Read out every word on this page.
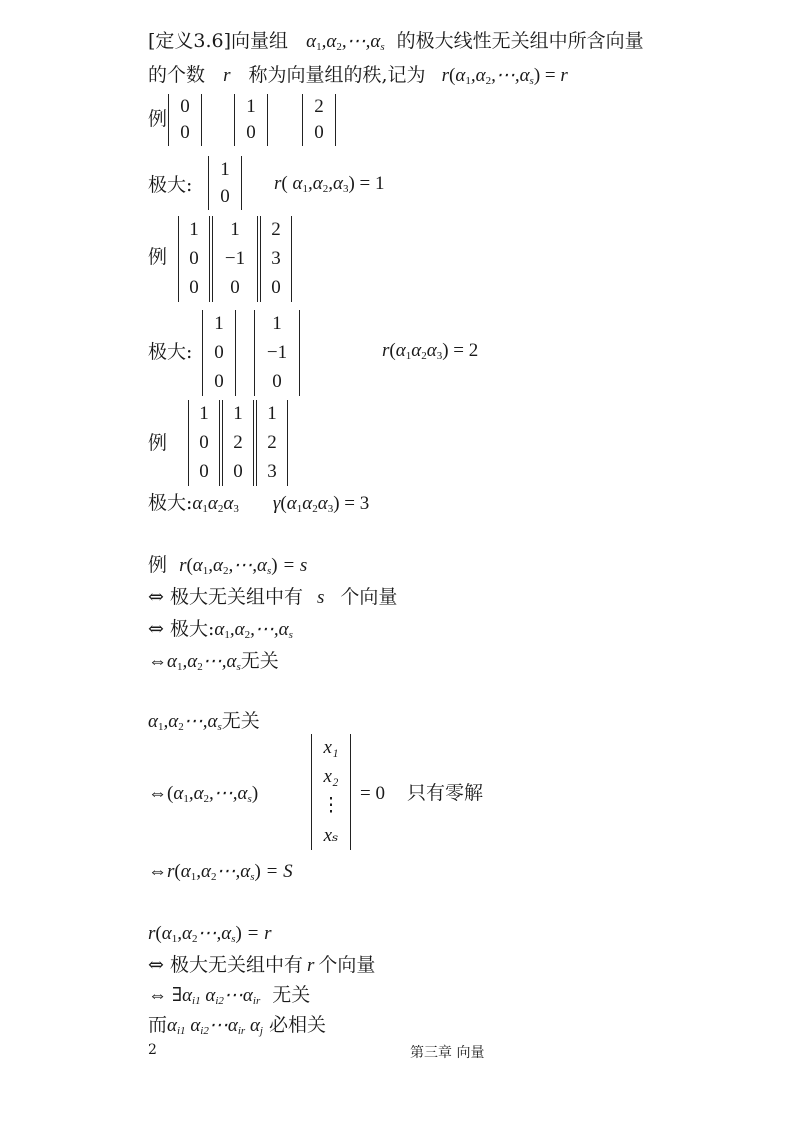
[定义3.6]向量组 $\alpha_1,\alpha_2,\cdots,\alpha_s$ 的极大线性无关组中所含向量
的个数 r 称为向量组的秩,记为 $r(\alpha_1,\alpha_2,\cdots,\alpha_s) = r$
例
0
0
1
0
2
0
极大:
1
0
r( $\alpha_1,\alpha_2,\alpha_3) = 1$
例
1
0
0
1
−1
0
2
3
0
极大:
1
0
0
1
−1
0
$r(\alpha_1\alpha_2\alpha_3) = 2$
例
1
0
0
1
2
0
1
2
3
极大$:\alpha_1\alpha_2\alpha_3$ $\gamma(\alpha_1\alpha_2\alpha_3) = 3$
例 $r(\alpha_1,\alpha_2,\cdots,\alpha_s) = s$
⇔ 极大无关组中有 s 个向量
⇔ 极大$:\alpha_1,\alpha_2,\cdots,\alpha_s$
$\Leftrightarrow\alpha_1,\alpha_2\cdots,\alpha_s$无关
$\alpha_1,\alpha_2\cdots,\alpha_s$无关
$\Leftrightarrow(\alpha_1,\alpha_2,\cdots,\alpha_s)$
x₁
x₂
⋮
xₛ
= 0 只有零解
$\Leftrightarrow r(\alpha_1,\alpha_2\cdots,\alpha_s) = S$
$r(\alpha_1,\alpha_2\cdots,\alpha_s) = r$
⇔ 极大无关组中有 r 个向量
⇔ $\exists\alpha_{i1}$ $\alpha_{i2}\cdots\alpha_{ir}$ 无关
而$\alpha_{i1}$ $\alpha_{i2}\cdots\alpha_{ir}$ $\alpha_j$ 必相关
2	第三章 向量
